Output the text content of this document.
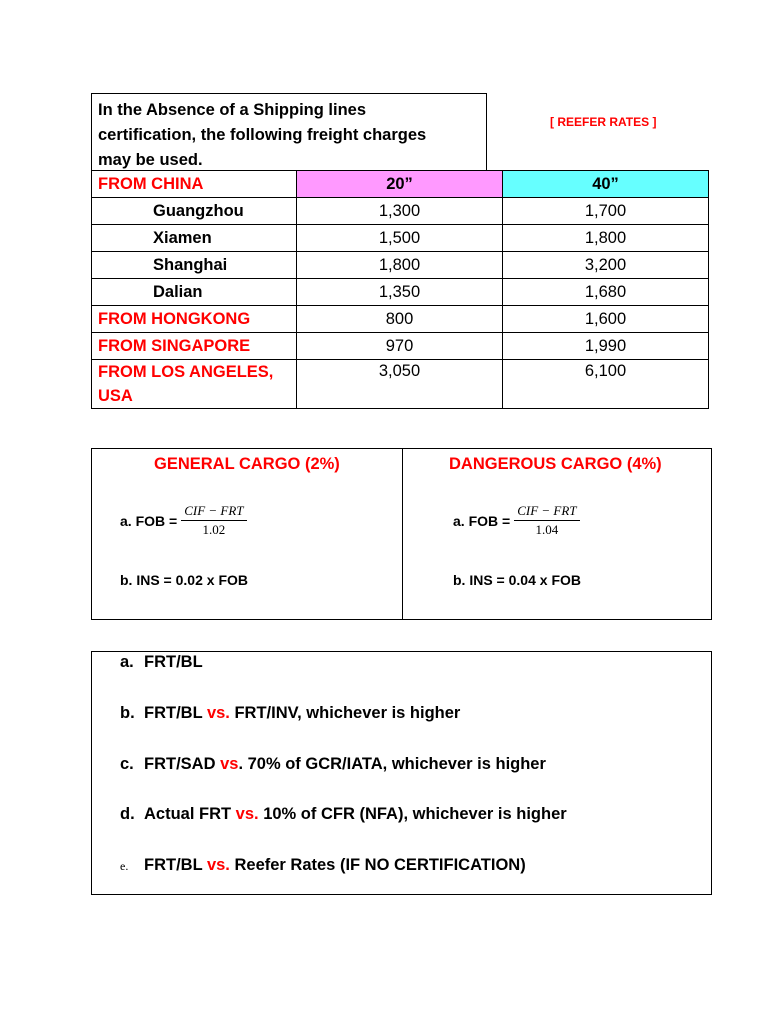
In the Absence of a Shipping lines
certification, the following freight charges
may be used.
[ REEFER RATES ]
FROM CHINA	20”	40”
Guangzhou	1,300	1,700
Xiamen	1,500	1,800
Shanghai	1,800	3,200
Dalian	1,350	1,680
FROM HONGKONG	800	1,600
FROM SINGAPORE	970	1,990

FROM LOS ANGELES,
USA	3,050	6,100
GENERAL CARGO (2%)
a. FOB = $\frac{\text{CIF − FRT}}{1.02}$
b. INS = 0.02 x FOB
DANGEROUS CARGO (4%)
a. FOB = $\frac{\text{CIF − FRT}}{1.04}$
b. INS = 0.04 x FOB
a. FRT/BL
b. FRT/BL vs. FRT/INV, whichever is higher
c. FRT/SAD vs. 70% of GCR/IATA, whichever is higher
d. Actual FRT vs. 10% of CFR (NFA), whichever is higher
e. FRT/BL vs. Reefer Rates (IF NO CERTIFICATION)
